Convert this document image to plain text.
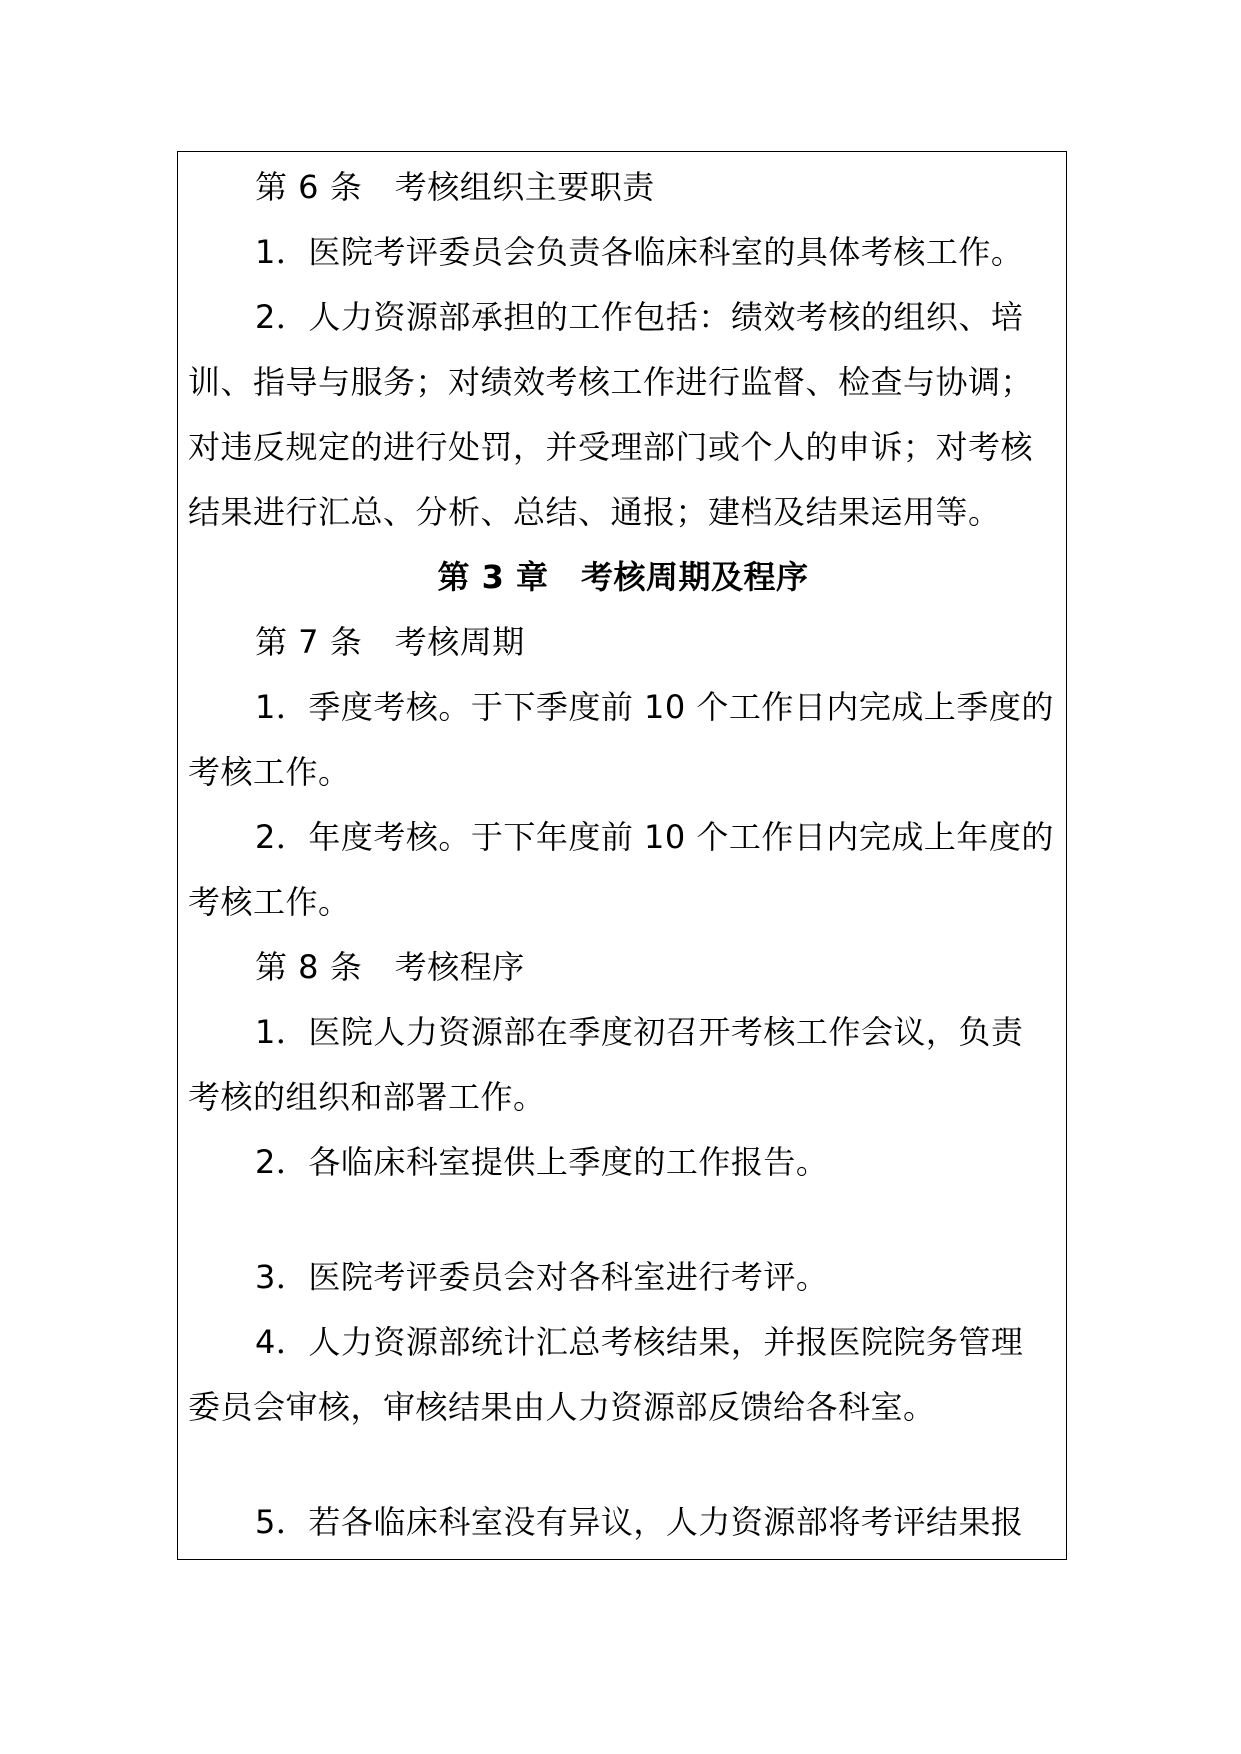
第 6 条　考核组织主要职责
1．医院考评委员会负责各临床科室的具体考核工作。
2．人力资源部承担的工作包括：绩效考核的组织、培
训、指导与服务；对绩效考核工作进行监督、检查与协调；
对违反规定的进行处罚，并受理部门或个人的申诉；对考核
结果进行汇总、分析、总结、通报；建档及结果运用等。
第 3 章　考核周期及程序
第 7 条　考核周期
1．季度考核。于下季度前 10 个工作日内完成上季度的
考核工作。
2．年度考核。于下年度前 10 个工作日内完成上年度的
考核工作。
第 8 条　考核程序
1．医院人力资源部在季度初召开考核工作会议，负责
考核的组织和部署工作。
2．各临床科室提供上季度的工作报告。
3．医院考评委员会对各科室进行考评。
4．人力资源部统计汇总考核结果，并报医院院务管理
委员会审核，审核结果由人力资源部反馈给各科室。
5．若各临床科室没有异议，人力资源部将考评结果报
